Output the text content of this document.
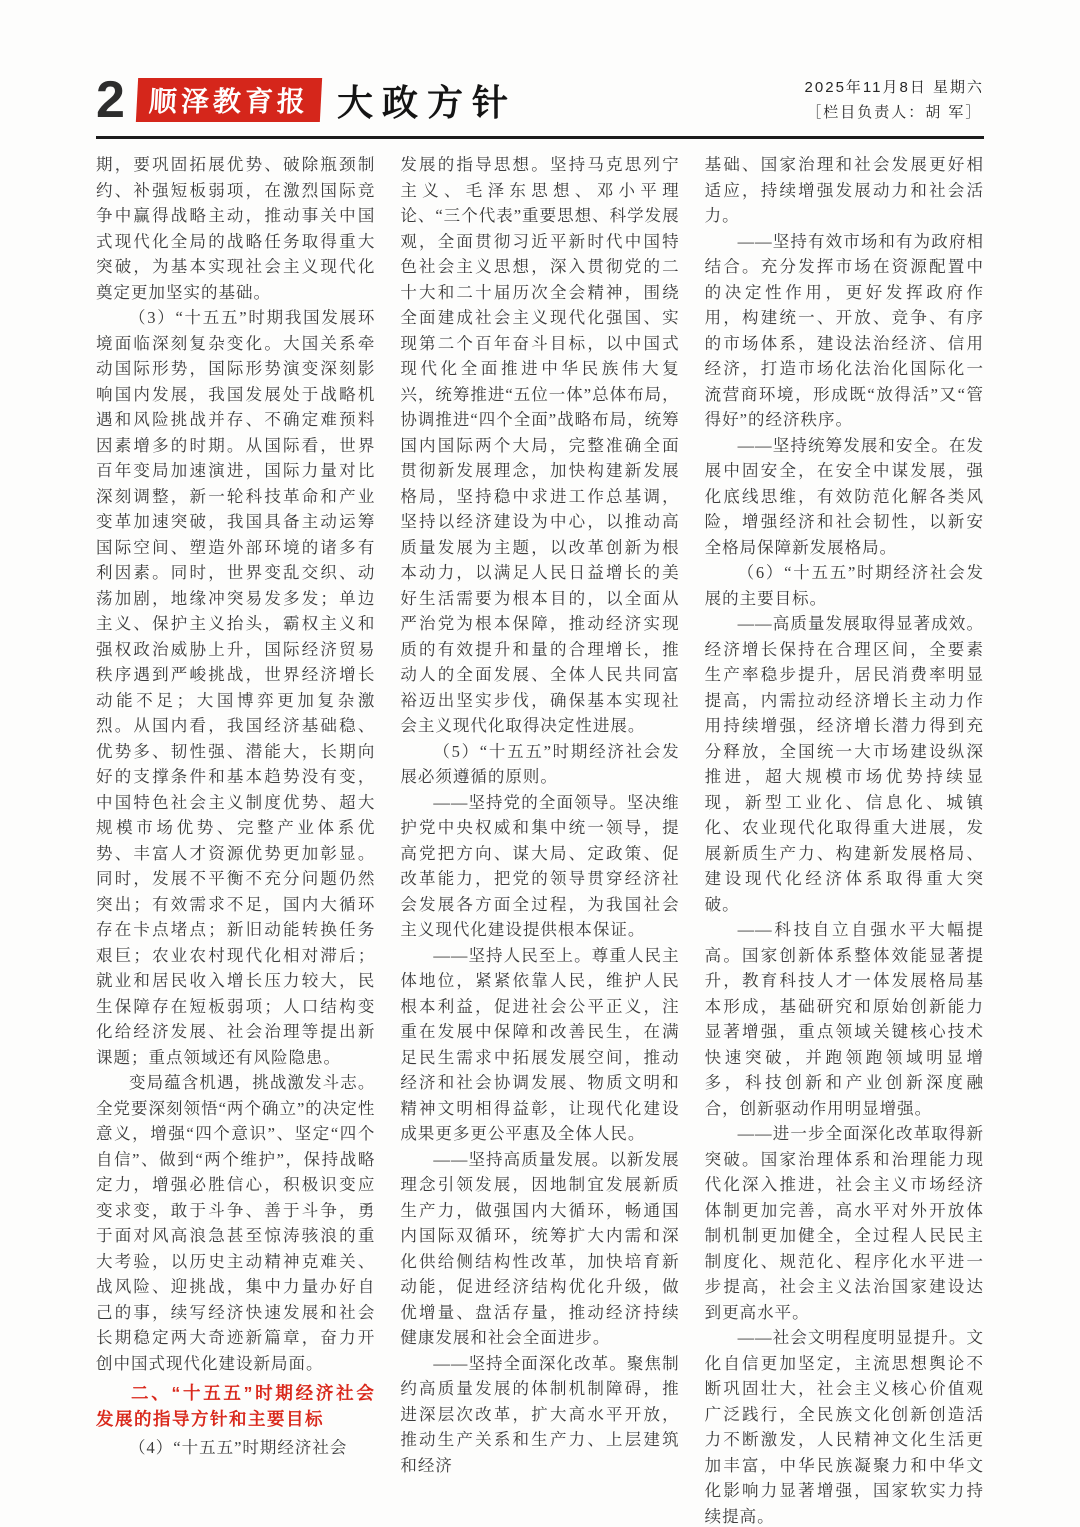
2 顺泽教育报 大政方针	2025年11月8日 星期六
［栏目负责人：胡 军］

期，要巩固拓展优势、破除瓶颈制约、补强短板弱项，在激烈国际竞争中赢得战略主动，推动事关中国式现代化全局的战略任务取得重大突破，为基本实现社会主义现代化奠定更加坚实的基础。

（3）“十五五”时期我国发展环境面临深刻复杂变化。大国关系牵动国际形势，国际形势演变深刻影响国内发展，我国发展处于战略机遇和风险挑战并存、不确定难预料因素增多的时期。从国际看，世界百年变局加速演进，国际力量对比深刻调整，新一轮科技革命和产业变革加速突破，我国具备主动运筹国际空间、塑造外部环境的诸多有利因素。同时，世界变乱交织、动荡加剧，地缘冲突易发多发；单边主义、保护主义抬头，霸权主义和强权政治威胁上升，国际经济贸易秩序遇到严峻挑战，世界经济增长动能不足；大国博弈更加复杂激烈。从国内看，我国经济基础稳、优势多、韧性强、潜能大，长期向好的支撑条件和基本趋势没有变，中国特色社会主义制度优势、超大规模市场优势、完整产业体系优势、丰富人才资源优势更加彰显。同时，发展不平衡不充分问题仍然突出；有效需求不足，国内大循环存在卡点堵点；新旧动能转换任务艰巨；农业农村现代化相对滞后；就业和居民收入增长压力较大，民生保障存在短板弱项；人口结构变化给经济发展、社会治理等提出新课题；重点领域还有风险隐患。

变局蕴含机遇，挑战激发斗志。全党要深刻领悟“两个确立”的决定性意义，增强“四个意识”、坚定“四个自信”、做到“两个维护”，保持战略定力，增强必胜信心，积极识变应变求变，敢于斗争、善于斗争，勇于面对风高浪急甚至惊涛骇浪的重大考验，以历史主动精神克难关、战风险、迎挑战，集中力量办好自己的事，续写经济快速发展和社会长期稳定两大奇迹新篇章，奋力开创中国式现代化建设新局面。

二、“十五五”时期经济社会发展的指导方针和主要目标

（4）“十五五”时期经济社会

发展的指导思想。坚持马克思列宁主义、毛泽东思想、邓小平理论、“三个代表”重要思想、科学发展观，全面贯彻习近平新时代中国特色社会主义思想，深入贯彻党的二十大和二十届历次全会精神，围绕全面建成社会主义现代化强国、实现第二个百年奋斗目标，以中国式现代化全面推进中华民族伟大复兴，统筹推进“五位一体”总体布局，协调推进“四个全面”战略布局，统筹国内国际两个大局，完整准确全面贯彻新发展理念，加快构建新发展格局，坚持稳中求进工作总基调，坚持以经济建设为中心，以推动高质量发展为主题，以改革创新为根本动力，以满足人民日益增长的美好生活需要为根本目的，以全面从严治党为根本保障，推动经济实现质的有效提升和量的合理增长，推动人的全面发展、全体人民共同富裕迈出坚实步伐，确保基本实现社会主义现代化取得决定性进展。

（5）“十五五”时期经济社会发展必须遵循的原则。

——坚持党的全面领导。坚决维护党中央权威和集中统一领导，提高党把方向、谋大局、定政策、促改革能力，把党的领导贯穿经济社会发展各方面全过程，为我国社会主义现代化建设提供根本保证。

——坚持人民至上。尊重人民主体地位，紧紧依靠人民，维护人民根本利益，促进社会公平正义，注重在发展中保障和改善民生，在满足民生需求中拓展发展空间，推动经济和社会协调发展、物质文明和精神文明相得益彰，让现代化建设成果更多更公平惠及全体人民。

——坚持高质量发展。以新发展理念引领发展，因地制宜发展新质生产力，做强国内大循环，畅通国内国际双循环，统筹扩大内需和深化供给侧结构性改革，加快培育新动能，促进经济结构优化升级，做优增量、盘活存量，推动经济持续健康发展和社会全面进步。

——坚持全面深化改革。聚焦制约高质量发展的体制机制障碍，推进深层次改革，扩大高水平开放，推动生产关系和生产力、上层建筑和经济

基础、国家治理和社会发展更好相适应，持续增强发展动力和社会活力。

——坚持有效市场和有为政府相结合。充分发挥市场在资源配置中的决定性作用，更好发挥政府作用，构建统一、开放、竞争、有序的市场体系，建设法治经济、信用经济，打造市场化法治化国际化一流营商环境，形成既“放得活”又“管得好”的经济秩序。

——坚持统筹发展和安全。在发展中固安全，在安全中谋发展，强化底线思维，有效防范化解各类风险，增强经济和社会韧性，以新安全格局保障新发展格局。

（6）“十五五”时期经济社会发展的主要目标。

——高质量发展取得显著成效。经济增长保持在合理区间，全要素生产率稳步提升，居民消费率明显提高，内需拉动经济增长主动力作用持续增强，经济增长潜力得到充分释放，全国统一大市场建设纵深推进，超大规模市场优势持续显现，新型工业化、信息化、城镇化、农业现代化取得重大进展，发展新质生产力、构建新发展格局、建设现代化经济体系取得重大突破。

——科技自立自强水平大幅提高。国家创新体系整体效能显著提升，教育科技人才一体发展格局基本形成，基础研究和原始创新能力显著增强，重点领域关键核心技术快速突破，并跑领跑领域明显增多，科技创新和产业创新深度融合，创新驱动作用明显增强。

——进一步全面深化改革取得新突破。国家治理体系和治理能力现代化深入推进，社会主义市场经济体制更加完善，高水平对外开放体制机制更加健全，全过程人民民主制度化、规范化、程序化水平进一步提高，社会主义法治国家建设达到更高水平。

——社会文明程度明显提升。文化自信更加坚定，主流思想舆论不断巩固壮大，社会主义核心价值观广泛践行，全民族文化创新创造活力不断激发，人民精神文化生活更加丰富，中华民族凝聚力和中华文化影响力显著增强，国家软实力持续提高。
